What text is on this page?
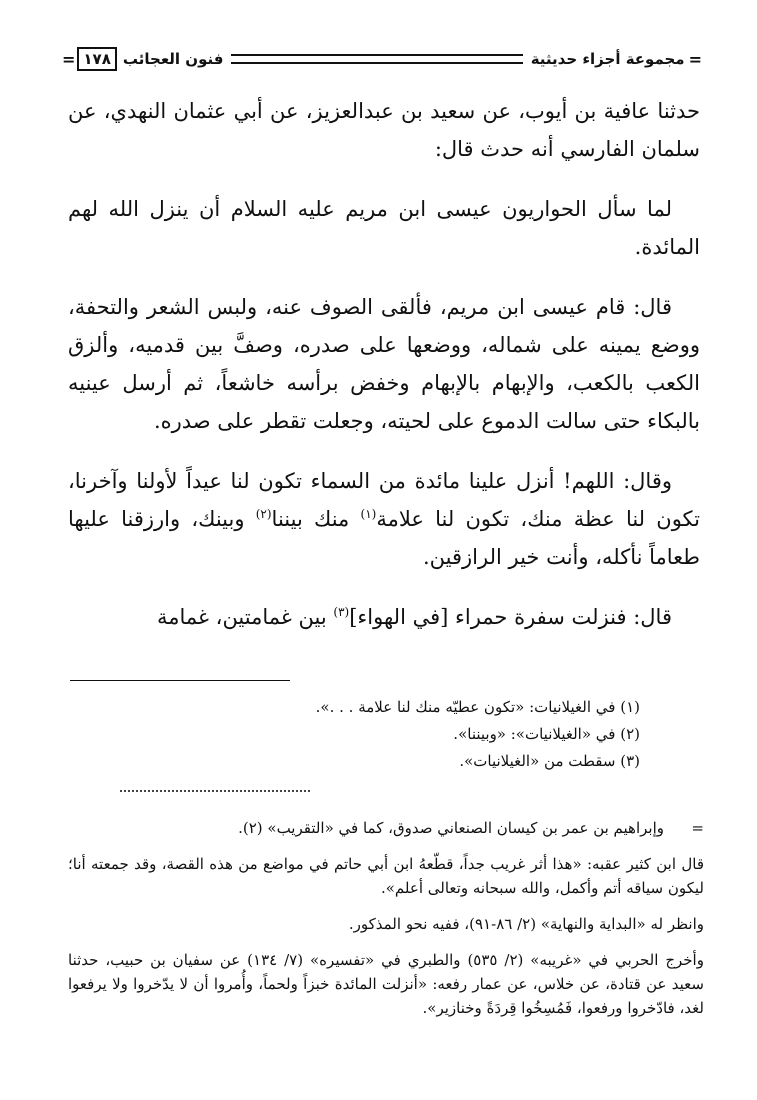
=
مجموعة أجزاء حديثية
فنون العجائب
١٧٨
=

حدثنا عافية بن أيوب، عن سعيد بن عبدالعزيز، عن أبي عثمان النهدي، عن سلمان الفارسي أنه حدث قال:

لما سأل الحواريون عيسى ابن مريم عليه السلام أن ينزل الله لهم المائدة.

قال: قام عيسى ابن مريم، فألقى الصوف عنه، ولبس الشعر والتحفة، ووضع يمينه على شماله، ووضعها على صدره، وصفَّ بين قدميه، وألزق الكعب بالكعب، والإبهام بالإبهام وخفض برأسه خاشعاً، ثم أرسل عينيه بالبكاء حتى سالت الدموع على لحيته، وجعلت تقطر على صدره.

وقال: اللهم! أنزل علينا مائدة من السماء تكون لنا عيداً لأولنا وآخرنا، تكون لنا عظة منك، تكون لنا علامة$^{(١)}$ منك بيننا$^{(٢)}$ وبينك، وارزقنا عليها طعاماً نأكله، وأنت خير الرازقين.

قال: فنزلت سفرة حمراء [في الهواء]$^{(٣)}$ بين غمامتين، غمامة

(١) في الغيلانيات: «تكون عطيّه منك لنا علامة . . .».

(٢) في «الغيلانيات»: «وبيننا».

(٣) سقطت من «الغيلانيات».

=وإبراهيم بن عمر بن كيسان الصنعاني صدوق، كما في «التقريب» (٢).

قال ابن كثير عقبه: «هذا أثر غريب جداً، قطّعهُ ابن أبي حاتم في مواضع من هذه القصة، وقد جمعته أنا؛ ليكون سياقه أتم وأكمل، والله سبحانه وتعالى أعلم».

وانظر له «البداية والنهاية» (٢/ ٨٦-٩١)، ففيه نحو المذكور.

وأخرج الحربي في «غريبه» (٢/ ٥٣٥) والطبري في «تفسيره» (٧/ ١٣٤) عن سفيان بن حبيب، حدثنا سعيد عن قتادة، عن خلاس، عن عمار رفعه: «أنزلت المائدة خبزاً ولحماً، وأُمروا أن لا يدّخروا ولا يرفعوا لغد، فادّخروا ورفعوا، فَمُسِخُوا قِردَةً وخنازير».
